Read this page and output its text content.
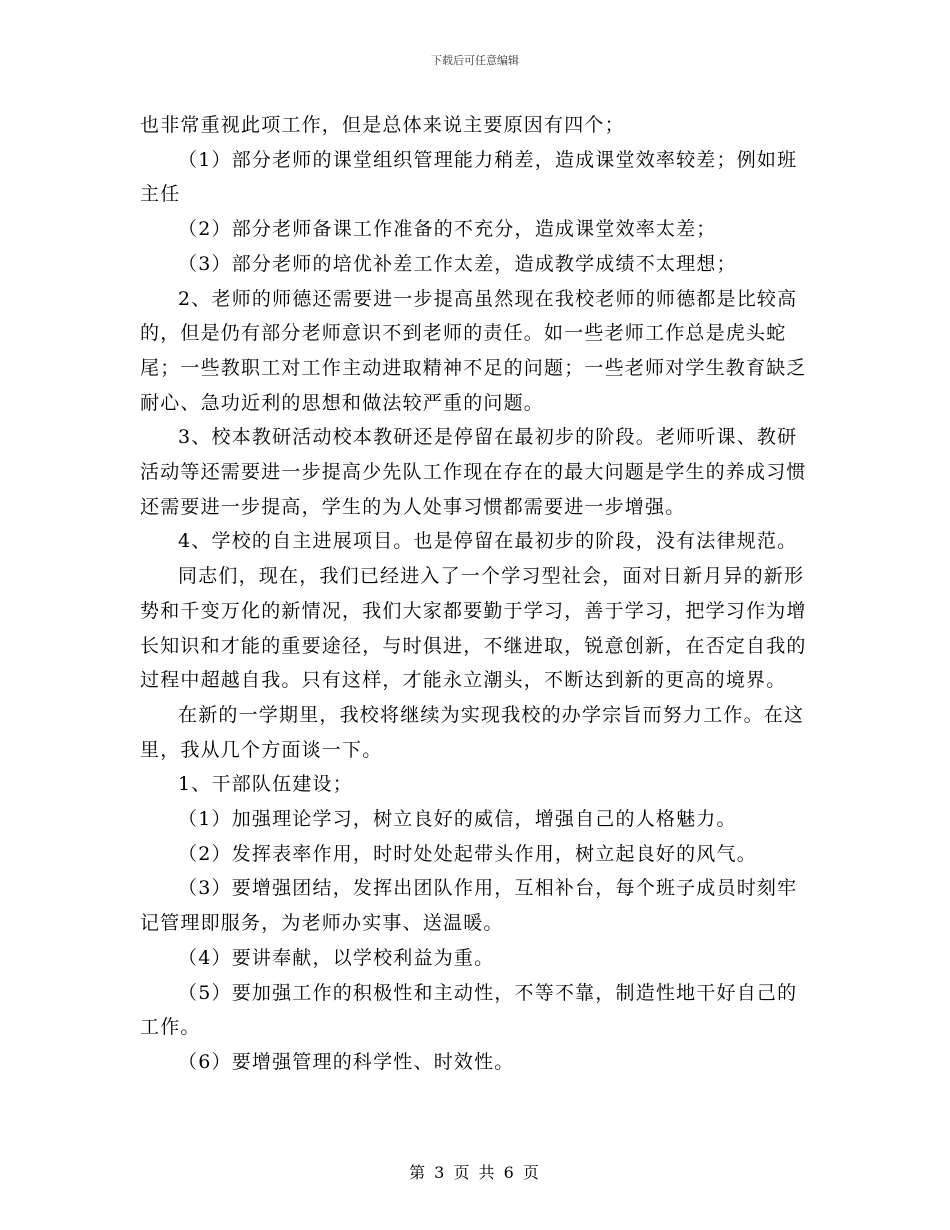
下载后可任意编辑

也非常重视此项工作，但是总体来说主要原因有四个；

（1）部分老师的课堂组织管理能力稍差，造成课堂效率较差；例如班主任

（2）部分老师备课工作准备的不充分，造成课堂效率太差；

（3）部分老师的培优补差工作太差，造成教学成绩不太理想；

2、老师的师德还需要进一步提高虽然现在我校老师的师德都是比较高的，但是仍有部分老师意识不到老师的责任。如一些老师工作总是虎头蛇尾；一些教职工对工作主动进取精神不足的问题；一些老师对学生教育缺乏耐心、急功近利的思想和做法较严重的问题。

3、校本教研活动校本教研还是停留在最初步的阶段。老师听课、教研活动等还需要进一步提高少先队工作现在存在的最大问题是学生的养成习惯还需要进一步提高，学生的为人处事习惯都需要进一步增强。

4、学校的自主进展项目。也是停留在最初步的阶段，没有法律规范。

同志们，现在，我们已经进入了一个学习型社会，面对日新月异的新形势和千变万化的新情况，我们大家都要勤于学习，善于学习，把学习作为增长知识和才能的重要途径，与时俱进，不继进取，锐意创新，在否定自我的过程中超越自我。只有这样，才能永立潮头，不断达到新的更高的境界。

在新的一学期里，我校将继续为实现我校的办学宗旨而努力工作。在这里，我从几个方面谈一下。

1、干部队伍建设；

（1）加强理论学习，树立良好的威信，增强自己的人格魅力。

（2）发挥表率作用，时时处处起带头作用，树立起良好的风气。

（3）要增强团结，发挥出团队作用，互相补台，每个班子成员时刻牢记管理即服务，为老师办实事、送温暖。

（4）要讲奉献，以学校利益为重。

（5）要加强工作的积极性和主动性，不等不靠，制造性地干好自己的工作。

（6）要增强管理的科学性、时效性。

第 3 页 共 6 页
